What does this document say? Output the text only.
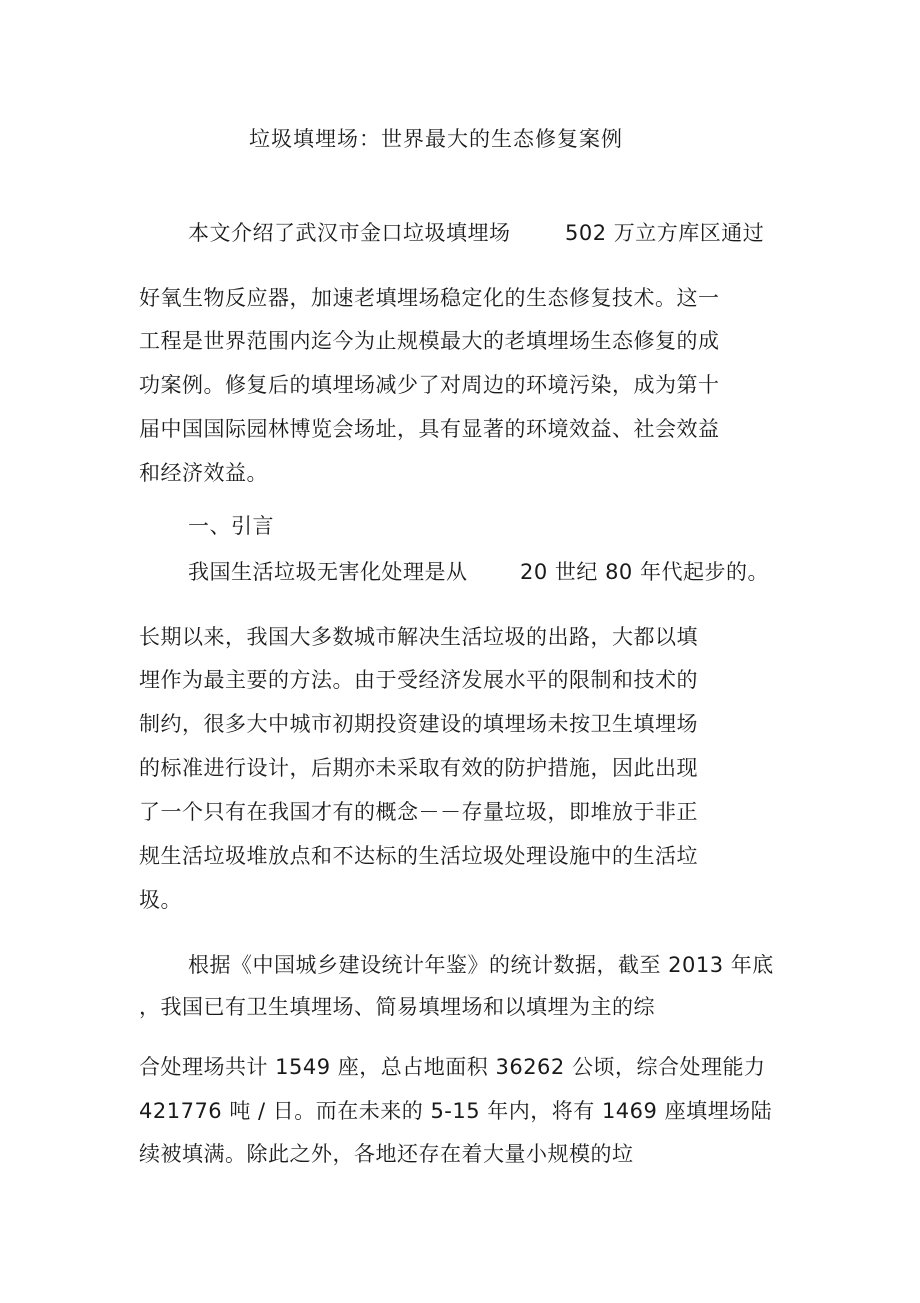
垃圾填埋场：世界最大的生态修复案例
本文介绍了武汉市金口垃圾填埋场	502 万立方库区通过
好氧生物反应器，加速老填埋场稳定化的生态修复技术。这一
工程是世界范围内迄今为止规模最大的老填埋场生态修复的成
功案例。修复后的填埋场减少了对周边的环境污染，成为第十
届中国国际园林博览会场址，具有显著的环境效益、社会效益
和经济效益。
一、引言
我国生活垃圾无害化处理是从	20 世纪 80 年代起步的。
长期以来，我国大多数城市解决生活垃圾的出路，大都以填
埋作为最主要的方法。由于受经济发展水平的限制和技术的
制约，很多大中城市初期投资建设的填埋场未按卫生填埋场
的标准进行设计，后期亦未采取有效的防护措施，因此出现
了一个只有在我国才有的概念－－存量垃圾，即堆放于非正
规生活垃圾堆放点和不达标的生活垃圾处理设施中的生活垃
圾。
根据《中国城乡建设统计年鉴》的统计数据，截至 2013 年底
，我国已有卫生填埋场、简易填埋场和以填埋为主的综
合处理场共计 1549 座，总占地面积 36262 公顷，综合处理能力
421776 吨 / 日。而在未来的 5-15 年内，将有 1469 座填埋场陆
续被填满。除此之外，各地还存在着大量小规模的垃
